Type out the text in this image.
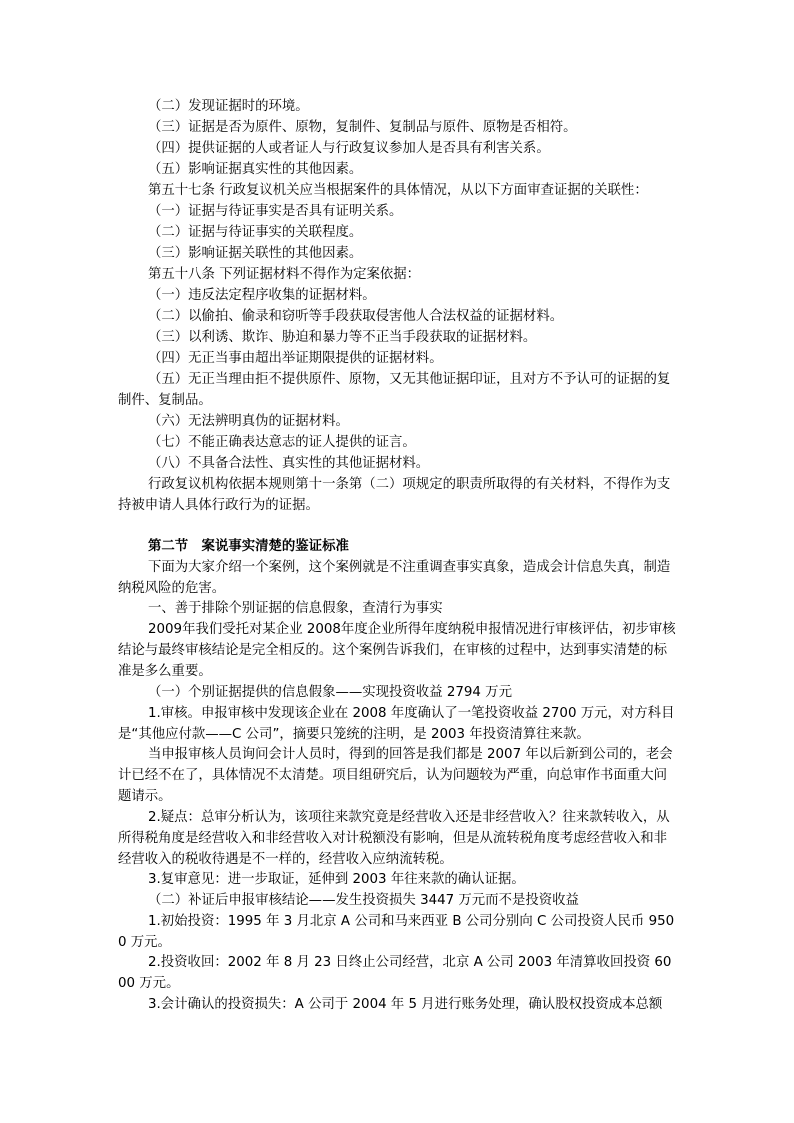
（二）发现证据时的环境。
（三）证据是否为原件、原物，复制件、复制品与原件、原物是否相符。
（四）提供证据的人或者证人与行政复议参加人是否具有利害关系。
（五）影响证据真实性的其他因素。
第五十七条 行政复议机关应当根据案件的具体情况，从以下方面审查证据的关联性：
（一）证据与待证事实是否具有证明关系。
（二）证据与待证事实的关联程度。
（三）影响证据关联性的其他因素。
第五十八条 下列证据材料不得作为定案依据：
（一）违反法定程序收集的证据材料。
（二）以偷拍、偷录和窃听等手段获取侵害他人合法权益的证据材料。
（三）以利诱、欺诈、胁迫和暴力等不正当手段获取的证据材料。
（四）无正当事由超出举证期限提供的证据材料。
（五）无正当理由拒不提供原件、原物，又无其他证据印证，且对方不予认可的证据的复制件、复制品。
（六）无法辨明真伪的证据材料。
（七）不能正确表达意志的证人提供的证言。
（八）不具备合法性、真实性的其他证据材料。
行政复议机构依据本规则第十一条第（二）项规定的职责所取得的有关材料，不得作为支持被申请人具体行政行为的证据。
第二节　案说事实清楚的鉴证标准
下面为大家介绍一个案例，这个案例就是不注重调查事实真象，造成会计信息失真，制造纳税风险的危害。
一、善于排除个别证据的信息假象，查清行为事实
2009年我们受托对某企业 2008年度企业所得年度纳税申报情况进行审核评估，初步审核结论与最终审核结论是完全相反的。这个案例告诉我们，在审核的过程中，达到事实清楚的标准是多么重要。
（一）个别证据提供的信息假象——实现投资收益 2794 万元
1.审核。申报审核中发现该企业在 2008 年度确认了一笔投资收益 2700 万元，对方科目是“其他应付款——C 公司”，摘要只笼统的注明，是 2003 年投资清算往来款。
当申报审核人员询问会计人员时，得到的回答是我们都是 2007 年以后新到公司的，老会计已经不在了，具体情况不太清楚。项目组研究后，认为问题较为严重，向总审作书面重大问题请示。
2.疑点：总审分析认为，该项往来款究竟是经营收入还是非经营收入？往来款转收入，从所得税角度是经营收入和非经营收入对计税额没有影响，但是从流转税角度考虑经营收入和非经营收入的税收待遇是不一样的，经营收入应纳流转税。
3.复审意见：进一步取证，延伸到 2003 年往来款的确认证据。
（二）补证后申报审核结论——发生投资损失 3447 万元而不是投资收益
1.初始投资：1995 年 3 月北京 A 公司和马来西亚 B 公司分别向 C 公司投资人民币 9500 万元。
2.投资收回：2002 年 8 月 23 日终止公司经营，北京 A 公司 2003 年清算收回投资 6000 万元。
3.会计确认的投资损失：A 公司于 2004 年 5 月进行账务处理，确认股权投资成本总额
